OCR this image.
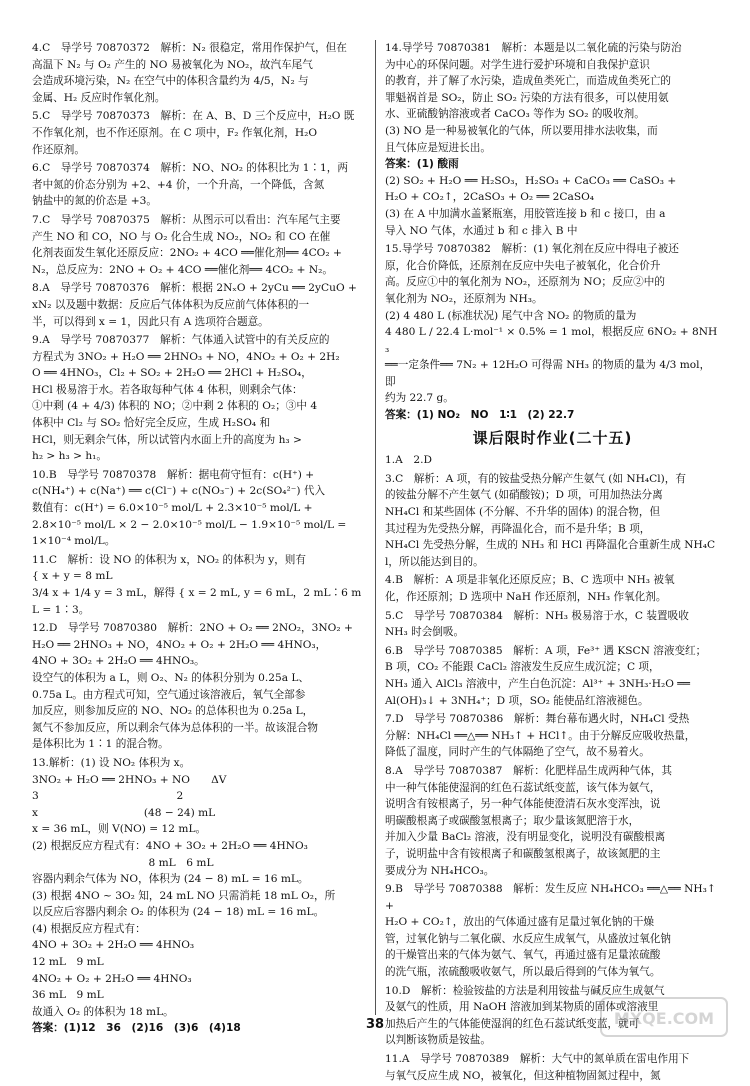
4.C　导学号 70870372　解析：N₂ 很稳定，常用作保护气，但在
高温下 N₂ 与 O₂ 产生的 NO 易被氧化为 NO₂，故汽车尾气
会造成环境污染，N₂ 在空气中的体积含量约为 4/5，N₂ 与
金属、H₂ 反应时作氧化剂。
5.C　导学号 70870373　解析：在 A、B、D 三个反应中，H₂O 既
不作氧化剂，也不作还原剂。在 C 项中，F₂ 作氧化剂，H₂O
作还原剂。
6.C　导学号 70870374　解析：NO、NO₂ 的体积比为 1∶1，两
者中氮的价态分别为 +2、+4 价，一个升高，一个降低，含氮
钠盐中的氮的价态是 +3。
7.C　导学号 70870375　解析：从图示可以看出：汽车尾气主要
产生 NO 和 CO，NO 与 O₂ 化合生成 NO₂，NO₂ 和 CO 在催
化剂表面发生氧化还原反应：2NO₂ + 4CO ══催化剂══ 4CO₂ +
N₂，总反应为：2NO + O₂ + 4CO ══催化剂══ 4CO₂ + N₂。
8.A　导学号 70870376　解析：根据 2NₓO + 2yCu ══ 2yCuO +
xN₂ 以及题中数据：反应后气体体积为反应前气体体积的一
半，可以得到 x = 1，因此只有 A 选项符合题意。
9.A　导学号 70870377　解析：气体通入试管中的有关反应的
方程式为 3NO₂ + H₂O ══ 2HNO₃ + NO，4NO₂ + O₂ + 2H₂
O ══ 4HNO₃，Cl₂ + SO₂ + 2H₂O ══ 2HCl + H₂SO₄，
HCl 极易溶于水。若各取每种气体 4 体积，则剩余气体：
①中剩 (4 + 4/3) 体积的 NO；②中剩 2 体积的 O₂；③中 4
体积中 Cl₂ 与 SO₂ 恰好完全反应，生成 H₂SO₄ 和
HCl，则无剩余气体，所以试管内水面上升的高度为 h₃ >
h₂ > h₃ > h₁。
10.B　导学号 70870378　解析：据电荷守恒有：c(H⁺) +
c(NH₄⁺) + c(Na⁺) ══ c(Cl⁻) + c(NO₃⁻) + 2c(SO₄²⁻) 代入
数值有：c(H⁺) = 6.0×10⁻⁵ mol/L + 2.3×10⁻⁵ mol/L +
2.8×10⁻⁵ mol/L × 2 − 2.0×10⁻⁵ mol/L − 1.9×10⁻⁵ mol/L =
1×10⁻⁴ mol/L。
11.C　解析：设 NO 的体积为 x，NO₂ 的体积为 y，则有
{ x + y = 8 mL
3/4 x + 1/4 y = 3 mL，解得 { x = 2 mL, y = 6 mL，2 mL∶6 mL = 1∶3。
12.D　导学号 70870380　解析：2NO + O₂ ══ 2NO₂，3NO₂ +
H₂O ══ 2HNO₃ + NO，4NO₂ + O₂ + 2H₂O ══ 4HNO₃，
4NO + 3O₂ + 2H₂O ══ 4HNO₃。
设空气的体积为 a L，则 O₂、N₂ 的体积分别为 0.25a L、
0.75a L。由方程式可知，空气通过该溶液后，氧气全部参
加反应，则参加反应的 NO、NO₂ 的总体积也为 0.25a L，
氮气不参加反应，所以剩余气体为总体积的一半。故该混合物
是体积比为 1∶1 的混合物。
13.解析：(1) 设 NO₂ 体积为 x。
3NO₂ + H₂O ══ 2HNO₃ + NO　　ΔV
3　　　　　　　　　　　　　2
x　　　　　　　　　　(48 − 24) mL
x = 36 mL，则 V(NO) = 12 mL。
(2) 根据反应方程式有：4NO + 3O₂ + 2H₂O ══ 4HNO₃
　　　　　　　　　　　8 mL　6 mL
容器内剩余气体为 NO，体积为 (24 − 8) mL = 16 mL。
(3) 根据 4NO ~ 3O₂ 知，24 mL NO 只需消耗 18 mL O₂，所
以反应后容器内剩余 O₂ 的体积为 (24 − 18) mL = 16 mL。
(4) 根据反应方程式有：
4NO + 3O₂ + 2H₂O ══ 4HNO₃
12 mL　9 mL
4NO₂ + O₂ + 2H₂O ══ 4HNO₃
36 mL　9 mL
故通入 O₂ 的体积为 18 mL。
答案：(1)12　36　(2)16　(3)6　(4)18
14.导学号 70870381　解析：本题是以二氧化硫的污染与防治
为中心的环保问题。对学生进行爱护环境和自我保护意识
的教育，并了解了水污染，造成鱼类死亡，而造成鱼类死亡的
罪魁祸首是 SO₂，防止 SO₂ 污染的方法有很多，可以使用氨
水、亚硫酸钠溶液或者 CaCO₃ 等作为 SO₂ 的吸收剂。
(3) NO 是一种易被氧化的气体，所以要用排水法收集，而
且气体应是短进长出。
答案：(1) 酸雨
(2) SO₂ + H₂O ══ H₂SO₃，H₂SO₃ + CaCO₃ ══ CaSO₃ +
H₂O + CO₂↑，2CaSO₃ + O₂ ══ 2CaSO₄
(3) 在 A 中加满水盖紧瓶塞，用胶管连接 b 和 c 接口，由 a
导入 NO 气体，水通过 b 和 c 排入 B 中
15.导学号 70870382　解析：(1) 氧化剂在反应中得电子被还
原，化合价降低，还原剂在反应中失电子被氧化，化合价升
高。反应①中的氧化剂为 NO₂，还原剂为 NO；反应②中的
氧化剂为 NO₂，还原剂为 NH₃。
(2) 4 480 L (标准状况) 尾气中含 NO₂ 的物质的量为
4 480 L / 22.4 L·mol⁻¹ × 0.5% = 1 mol，根据反应 6NO₂ + 8NH₃
══一定条件══ 7N₂ + 12H₂O 可得需 NH₃ 的物质的量为 4/3 mol，即
约为 22.7 g。
答案：(1) NO₂　NO　1∶1　(2) 22.7
课后限时作业(二十五)
1.A　2.D
3.C　解析：A 项，有的铵盐受热分解产生氨气 (如 NH₄Cl)，有
的铵盐分解不产生氨气 (如硝酸铵)；D 项，可用加热法分离
NH₄Cl 和某些固体 (不分解、不升华的固体) 的混合物，但
其过程为先受热分解，再降温化合，而不是升华；B 项，
NH₄Cl 先受热分解，生成的 NH₃ 和 HCl 再降温化合重新生成 NH₄Cl，所以能达到目的。
4.B　解析：A 项是非氧化还原反应；B、C 选项中 NH₃ 被氧
化，作还原剂；D 选项中 NaH 作还原剂，NH₃ 作氧化剂。
5.C　导学号 70870384　解析：NH₃ 极易溶于水，C 装置吸收
NH₃ 时会倒吸。
6.B　导学号 70870385　解析：A 项，Fe³⁺ 遇 KSCN 溶液变红；
B 项，CO₂ 不能跟 CaCl₂ 溶液发生反应生成沉淀；C 项，
NH₃ 通入 AlCl₃ 溶液中，产生白色沉淀：Al³⁺ + 3NH₃·H₂O ══
Al(OH)₃↓ + 3NH₄⁺；D 项，SO₂ 能使品红溶液褪色。
7.D　导学号 70870386　解析：舞台幕布遇火时，NH₄Cl 受热
分解：NH₄Cl ══△══ NH₃↑ + HCl↑。由于分解反应吸收热量，
降低了温度，同时产生的气体隔绝了空气，故不易着火。
8.A　导学号 70870387　解析：化肥样品生成两种气体，其
中一种气体能使湿润的红色石蕊试纸变蓝，该气体为氨气，
说明含有铵根离子，另一种气体能使澄清石灰水变浑浊，说
明碳酸根离子或碳酸氢根离子；取少量该氮肥溶于水，
并加入少量 BaCl₂ 溶液，没有明显变化，说明没有碳酸根离
子，说明盐中含有铵根离子和碳酸氢根离子，故该氮肥的主
要成分为 NH₄HCO₃。
9.B　导学号 70870388　解析：发生反应 NH₄HCO₃ ══△══ NH₃↑ +
H₂O + CO₂↑，放出的气体通过盛有足量过氧化钠的干燥
管，过氧化钠与二氧化碳、水反应生成氧气，从盛放过氧化钠
的干燥管出来的气体为氨气、氧气，再通过盛有足量浓硫酸
的洗气瓶，浓硫酸吸收氨气，所以最后得到的气体为氧气。
10.D　解析：检验铵盐的方法是利用铵盐与碱反应生成氨气
及氨气的性质，用 NaOH 溶液加到某物质的固体或溶液里
加热后产生的气体能使湿润的红色石蕊试纸变蓝，就可
以判断该物质是铵盐。
11.A　导学号 70870389　解析：大气中的氮单质在雷电作用下
与氧气反应生成 NO，被氧化，但这种植物固氮过程中，氮
38	MXQE.COM
